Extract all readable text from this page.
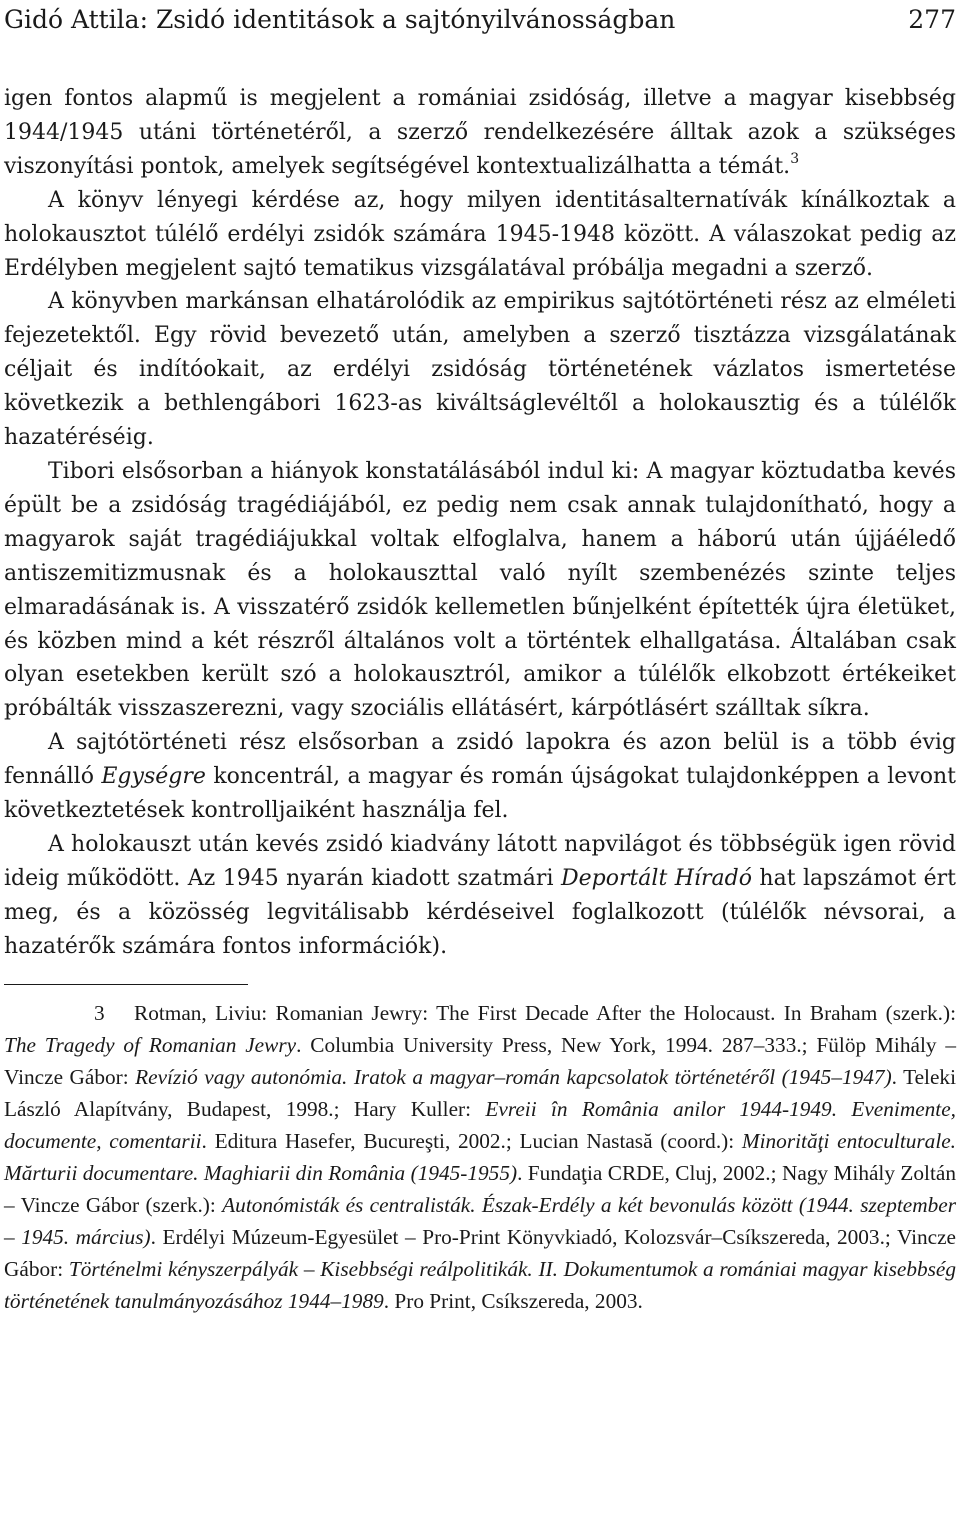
Gidó Attila: Zsidó identitások a sajtónyilvánosságban	277

igen fontos alapmű is megjelent a romániai zsidóság, illetve a magyar kisebbség 1944/1945 utáni történetéről, a szerző rendelkezésére álltak azok a szükséges viszonyítási pontok, amelyek segítségével kontextualizálhatta a témát.$^3$

A könyv lényegi kérdése az, hogy milyen identitásalternatívák kínálkoztak a holokausztot túlélő erdélyi zsidók számára 1945-1948 között. A válaszokat pedig az Erdélyben megjelent sajtó tematikus vizsgálatával próbálja megadni a szerző.

A könyvben markánsan elhatárolódik az empirikus sajtótörténeti rész az elméleti fejezetektől. Egy rövid bevezető után, amelyben a szerző tisztázza vizsgálatának céljait és indítóokait, az erdélyi zsidóság történetének vázlatos ismertetése következik a bethlengábori 1623-as kiváltságlevéltől a holokausztig és a túlélők hazatéréséig.

Tibori elsősorban a hiányok konstatálásából indul ki: A magyar köztudatba kevés épült be a zsidóság tragédiájából, ez pedig nem csak annak tulajdonítható, hogy a magyarok saját tragédiájukkal voltak elfoglalva, hanem a háború után újjáéledő antiszemitizmusnak és a holokauszttal való nyílt szembenézés szinte teljes elmaradásának is. A visszatérő zsidók kellemetlen bűnjelként építették újra életüket, és közben mind a két részről általános volt a történtek elhallgatása. Általában csak olyan esetekben került szó a holokausztról, amikor a túlélők elkobzott értékeiket próbálták visszaszerezni, vagy szociális ellátásért, kárpótlásért szálltak síkra.

A sajtótörténeti rész elsősorban a zsidó lapokra és azon belül is a több évig fennálló Egységre koncentrál, a magyar és román újságokat tulajdonképpen a levont következtetések kontrolljaiként használja fel.

A holokauszt után kevés zsidó kiadvány látott napvilágot és többségük igen rövid ideig működött. Az 1945 nyarán kiadott szatmári Deportált Híradó hat lapszámot ért meg, és a közösség legvitálisabb kérdéseivel foglalkozott (túlélők névsorai, a hazatérők számára fontos információk).

3 Rotman, Liviu: Romanian Jewry: The First Decade After the Holocaust. In Braham (szerk.): The Tragedy of Romanian Jewry. Columbia University Press, New York, 1994. 287–333.; Fülöp Mihály – Vincze Gábor: Revízió vagy autonómia. Iratok a magyar–román kapcsolatok történetéről (1945–1947). Teleki László Alapítvány, Budapest, 1998.; Hary Kuller: Evreii în România anilor 1944-1949. Evenimente, documente, comentarii. Editura Hasefer, Bucureşti, 2002.; Lucian Nastasă (coord.): Minorităţi entoculturale. Mărturii documentare. Maghiarii din România (1945-1955). Fundaţia CRDE, Cluj, 2002.; Nagy Mihály Zoltán – Vincze Gábor (szerk.): Autonómisták és centralisták. Észak-Erdély a két bevonulás között (1944. szeptember – 1945. március). Erdélyi Múzeum-Egyesület – Pro-Print Könyvkiadó, Kolozsvár–Csíkszereda, 2003.; Vincze Gábor: Történelmi kényszerpályák – Kisebbségi reálpolitikák. II. Dokumentumok a romániai magyar kisebbség történetének tanulmányozásához 1944–1989. Pro Print, Csíkszereda, 2003.
